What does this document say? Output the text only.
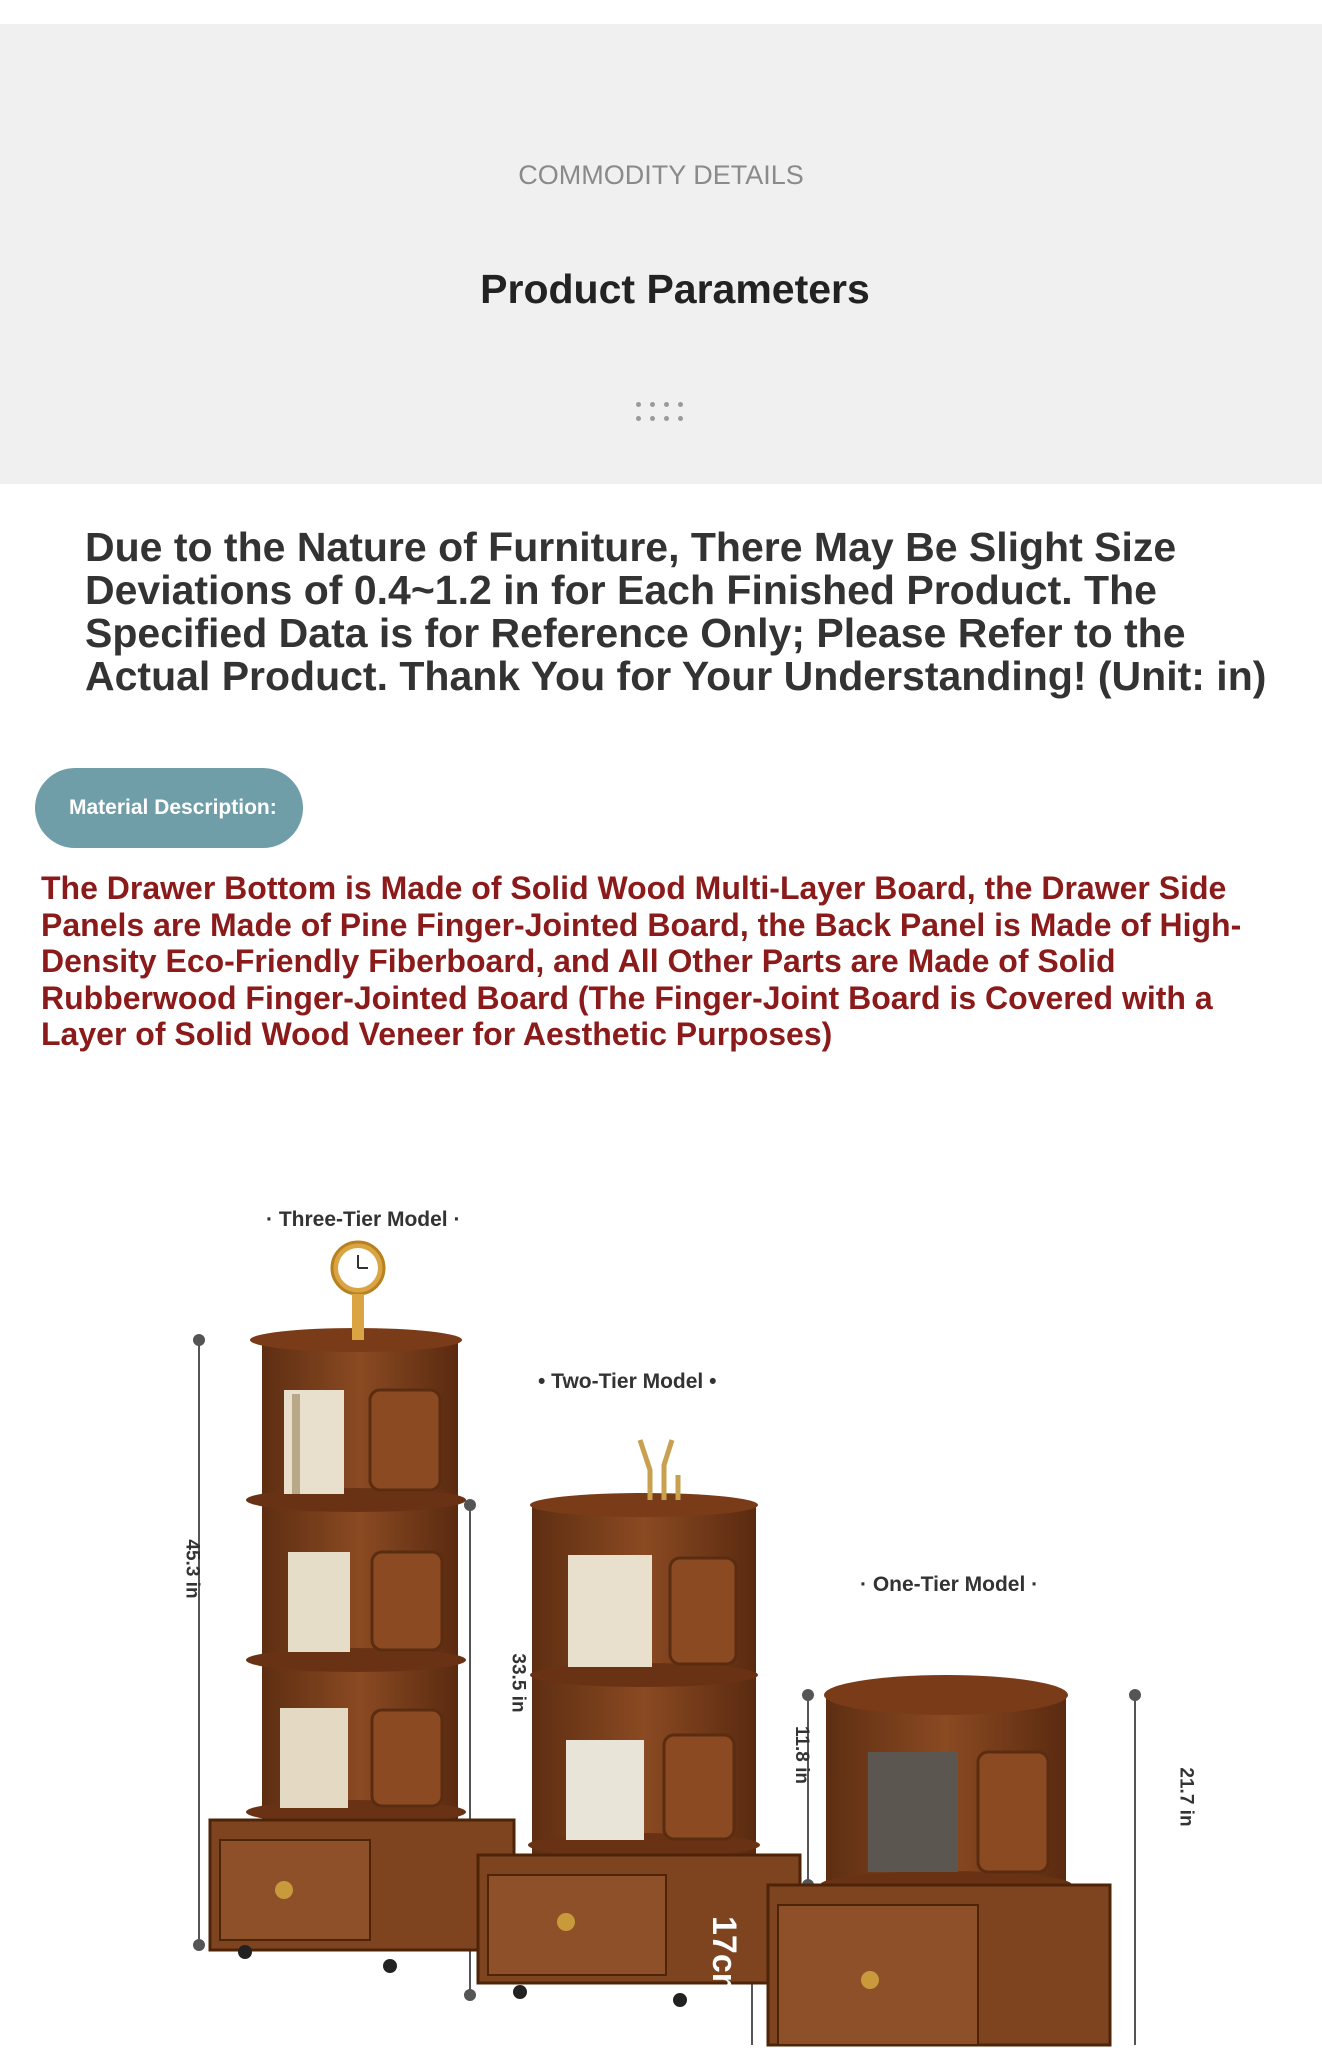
COMMODITY DETAILS
Product Parameters
Due to the Nature of Furniture, There May Be Slight Size Deviations of 0.4~1.2 in for Each Finished Product. The Specified Data is for Reference Only; Please Refer to the Actual Product. Thank You for Your Understanding! (Unit: in)
Material Description:
The Drawer Bottom is Made of Solid Wood Multi-Layer Board, the Drawer Side Panels are Made of Pine Finger-Jointed Board, the Back Panel is Made of High-Density Eco-Friendly Fiberboard, and All Other Parts are Made of Solid Rubberwood Finger-Jointed Board (The Finger-Joint Board is Covered with a Layer of Solid Wood Veneer for Aesthetic Purposes)
· Three-Tier Model ·
• Two-Tier Model •
· One-Tier Model ·
45.3 in
33.5 in
11.8 in
21.7 in
17cm
